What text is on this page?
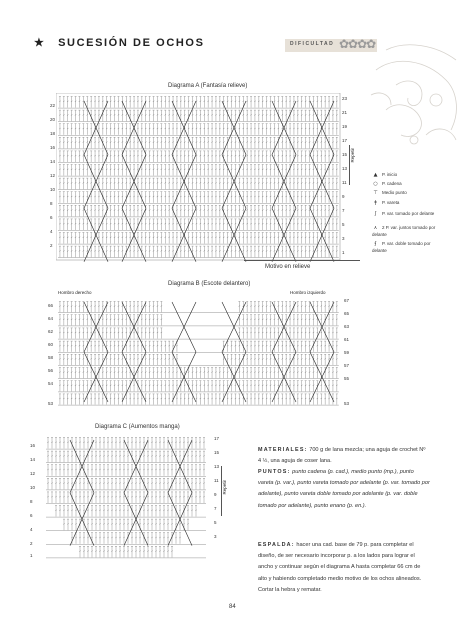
★ SUCESIÓN DE OCHOS	DIFICULTAD ✿✿✿✿
Diagrama A (Fantasía relieve)
22
20
18
16
14
12
10
8
6
4
2
23
21
19
17
15
13
11
9
7
5
3
1
Repetir
Motivo en relieve
▲ P. inicio
○ P. cadena
⊤ Medio punto
ǂ P. vareta
ʃ P. var. tomado por delante
⋏ 2 P. var. juntos tomado por delante
ʄ P. var. doble tomado por delante
Diagrama B (Escote delantero)
Hombro derecho	Hombro izquierdo
66
64
62
60
58
56
54
53
67
65
63
61
59
57
55
53
Diagrama C (Aumentos manga)
16
14
12
10
8
6
4
2
1
17
15
13
11
9
7
5
3
Repetir
MATERIALES: 700 g de lana mezcla; una aguja de crochet Nº 4 ½, una aguja de coser lana.
PUNTOS: punto cadena (p. cad.), medio punto (mp.), punto vareta (p. var.), punto vareta tomado por adelante (p. var. tomado por adelante), punto vareta doble tomado por adelante (p. var. doble tomado por adelante), punto enano (p. en.).
ESPALDA: hacer una cad. base de 79 p. para completar el diseño, de ser necesario incorporar p. a los lados para lograr el ancho y continuar según el diagrama A hasta completar 66 cm de alto y habiendo completado medio motivo de los ochos alineados. Cortar la hebra y rematar.
84
